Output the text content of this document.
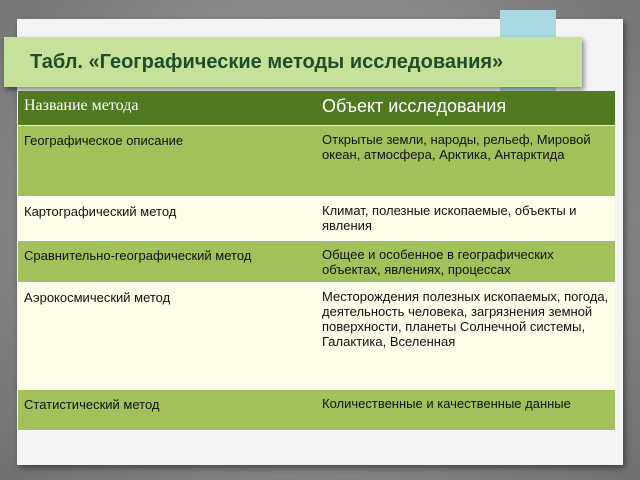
Табл. «Географические методы исследования»
Название метода	Объект исследования
Географическое описание	Открытые земли, народы, рельеф, Мировой океан, атмосфера, Арктика, Антарктида
Картографический метод	Климат, полезные ископаемые, объекты и явления
Сравнительно-географический метод	Общее и особенное в географических объектах, явлениях, процессах
Аэрокосмический метод	Месторождения полезных ископаемых, погода, деятельность человека, загрязнения земной поверхности, планеты Солнечной системы, Галактика, Вселенная
Статистический метод	Количественные и качественные данные
